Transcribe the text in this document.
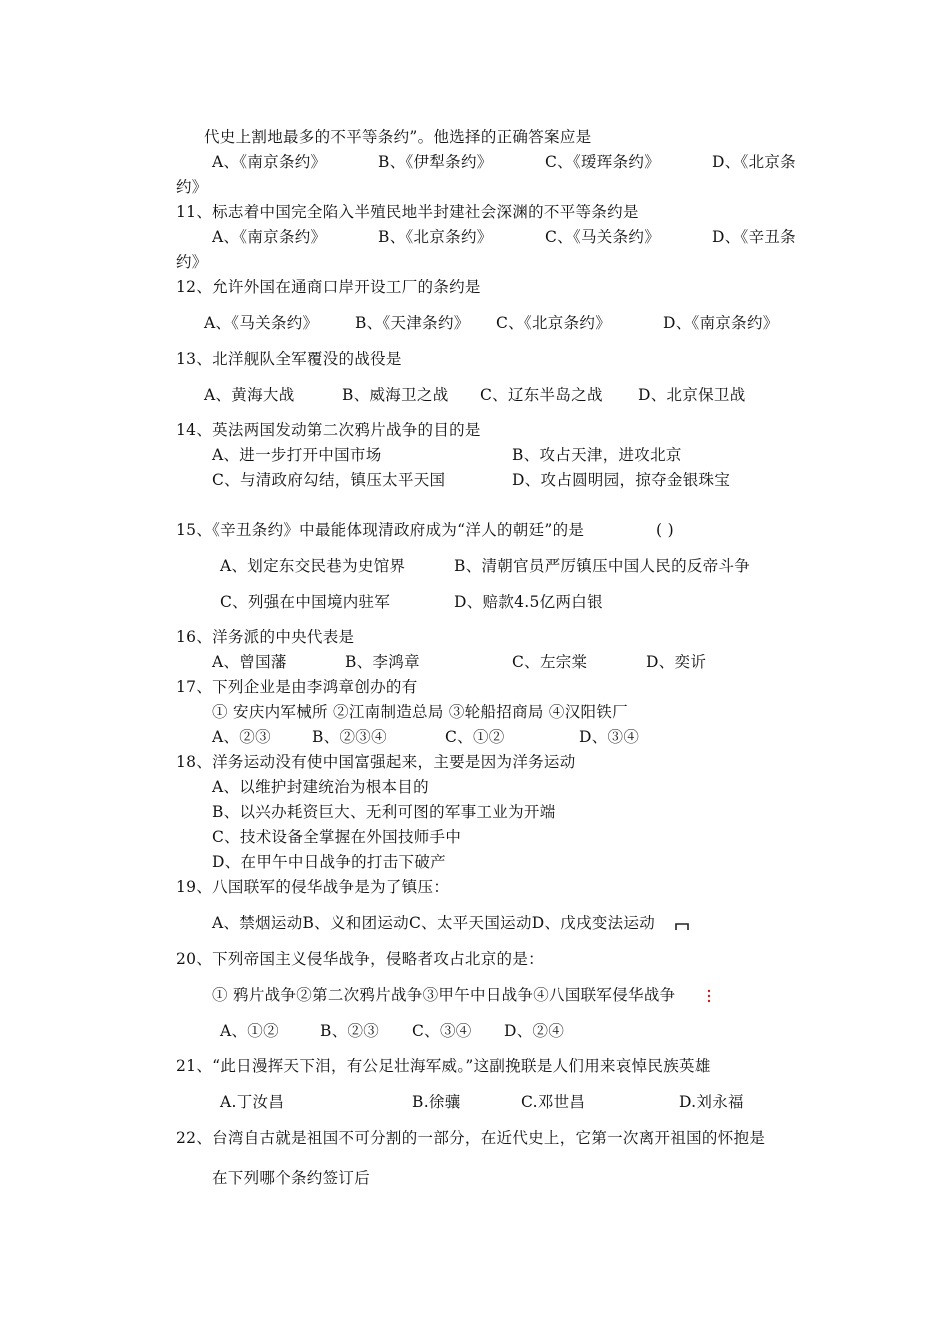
代史上割地最多的不平等条约”。他选择的正确答案应是
A、《南京条约》	B、《伊犁条约》	C、《瑷珲条约》	D、《北京条
约》
11、标志着中国完全陷入半殖民地半封建社会深渊的不平等条约是
A、《南京条约》	B、《北京条约》	C、《马关条约》	D、《辛丑条
约》
12、允许外国在通商口岸开设工厂的条约是
A、《马关条约》 B、《天津条约》 C、《北京条约》	D、《南京条约》
13、北洋舰队全军覆没的战役是
A、黄海大战	B、威海卫之战 C、辽东半岛之战 D、北京保卫战
14、英法两国发动第二次鸦片战争的目的是
A、进一步打开中国市场	B、攻占天津，进攻北京
C、与清政府勾结，镇压太平天国	D、攻占圆明园，掠夺金银珠宝
15、《辛丑条约》中最能体现清政府成为“洋人的朝廷”的是	( )
A、划定东交民巷为史馆界	B、清朝官员严厉镇压中国人民的反帝斗争
C、列强在中国境内驻军	D、赔款4.5亿两白银
16、洋务派的中央代表是
A、曾国藩	B、李鸿章	C、左宗棠	D、奕䜣
17、下列企业是由李鸿章创办的有
① 安庆内军械所 ②江南制造总局 ③轮船招商局 ④汉阳铁厂
A、②③	B、②③④	C、①②	D、③④
18、洋务运动没有使中国富强起来，主要是因为洋务运动
A、以维护封建统治为根本目的
B、以兴办耗资巨大、无利可图的军事工业为开端
C、技术设备全掌握在外国技师手中
D、在甲午中日战争的打击下破产
19、八国联军的侵华战争是为了镇压：
A、禁烟运动B、义和团运动C、太平天国运动D、戊戌变法运动
20、下列帝国主义侵华战争，侵略者攻占北京的是：
① 鸦片战争②第二次鸦片战争③甲午中日战争④八国联军侵华战争
A、①②	B、②③ C、③④ D、②④
21、“此日漫挥天下泪，有公足壮海军威。”这副挽联是人们用来哀悼民族英雄
A.丁汝昌	B.徐骧	C.邓世昌	D.刘永福
22、台湾自古就是祖国不可分割的一部分，在近代史上，它第一次离开祖国的怀抱是
在下列哪个条约签订后
